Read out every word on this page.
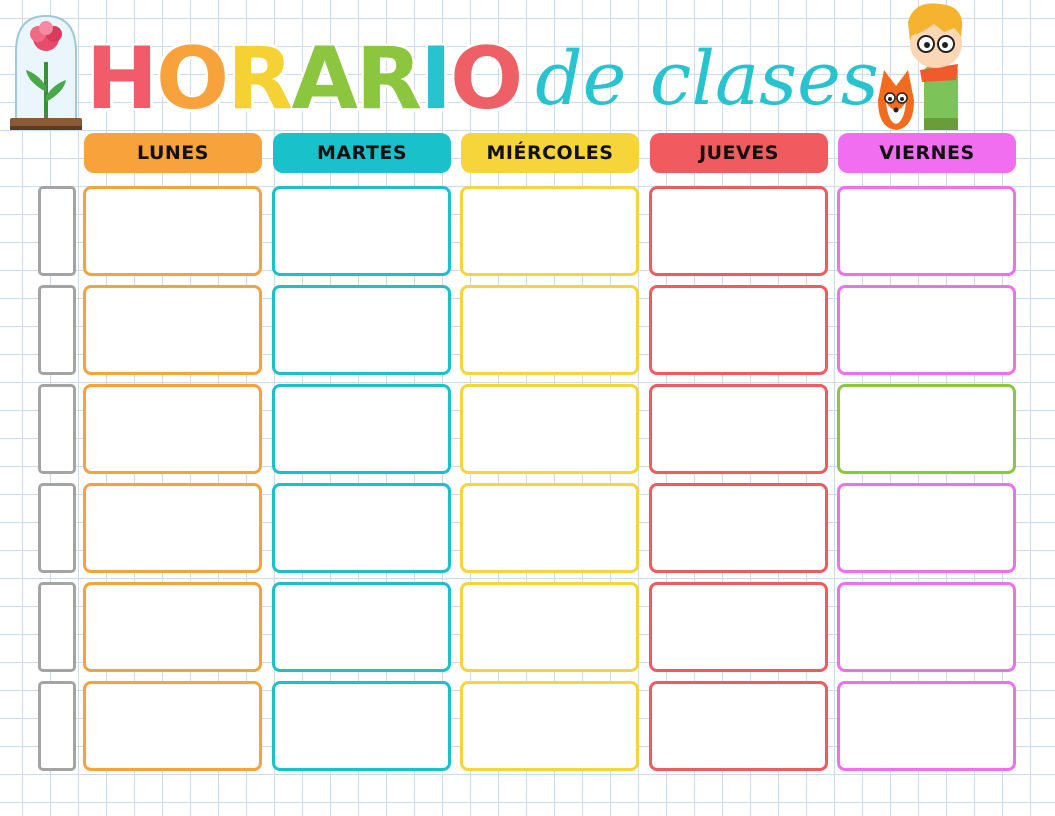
H O R A R I O de clases
LUNES	MARTES	MIÉRCOLES	JUEVES	VIERNES
